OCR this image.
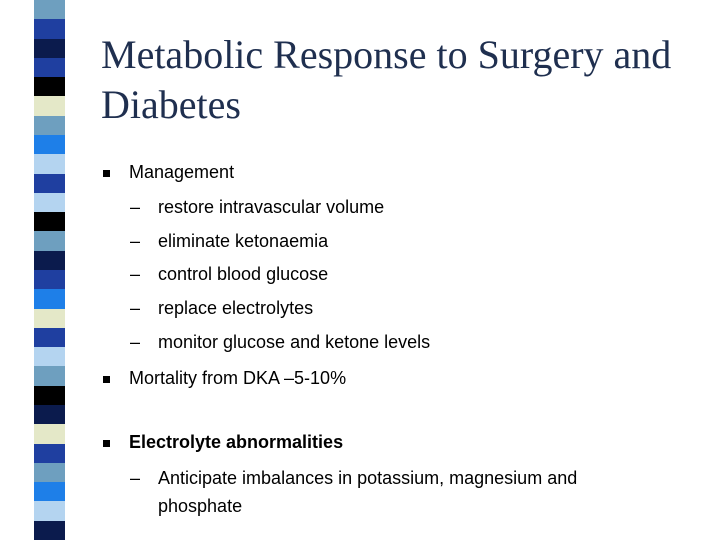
Metabolic Response to Surgery and Diabetes
Management
– restore intravascular volume
– eliminate ketonaemia
– control blood glucose
– replace electrolytes
– monitor glucose and ketone levels
Mortality from DKA –5-10%
Electrolyte abnormalities
– Anticipate imbalances in potassium, magnesium and phosphate
